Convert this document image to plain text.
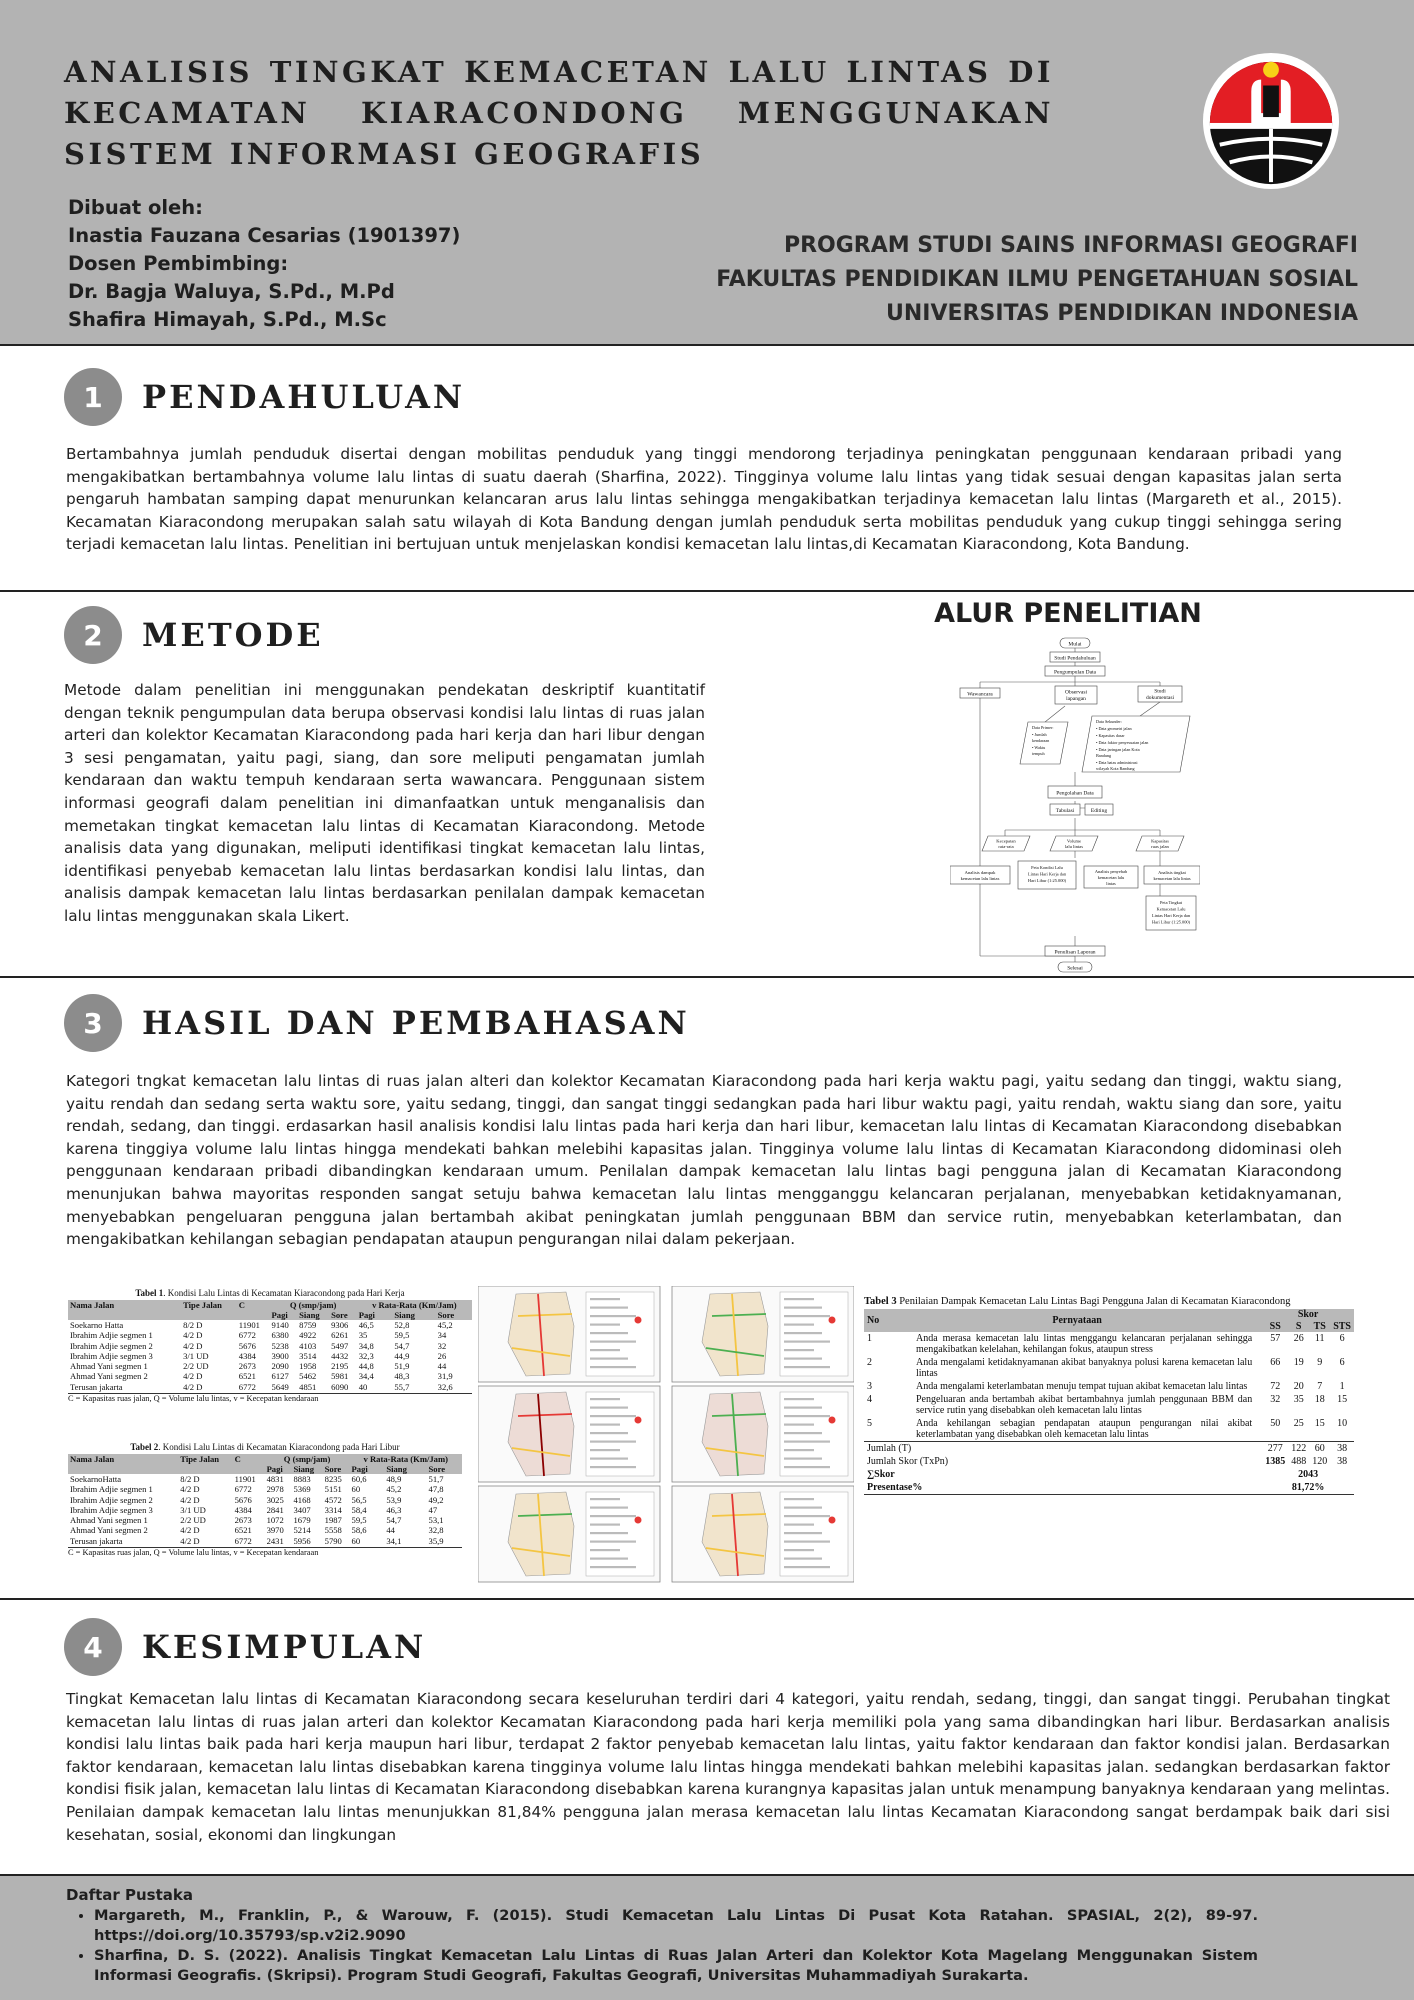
ANALISIS TINGKAT KEMACETAN LALU LINTAS DI KECAMATAN KIARACONDONG MENGGUNAKAN SISTEM INFORMASI GEOGRAFIS
Dibuat oleh:
Inastia Fauzana Cesarias (1901397)
Dosen Pembimbing:
Dr. Bagja Waluya, S.Pd., M.Pd
Shafira Himayah, S.Pd., M.Sc
PROGRAM STUDI SAINS INFORMASI GEOGRAFI
FAKULTAS PENDIDIKAN ILMU PENGETAHUAN SOSIAL
UNIVERSITAS PENDIDIKAN INDONESIA
1	PENDAHULUAN
Bertambahnya jumlah penduduk disertai dengan mobilitas penduduk yang tinggi mendorong terjadinya peningkatan penggunaan kendaraan pribadi yang mengakibatkan bertambahnya volume lalu lintas di suatu daerah (Sharfina, 2022). Tingginya volume lalu lintas yang tidak sesuai dengan kapasitas jalan serta pengaruh hambatan samping dapat menurunkan kelancaran arus lalu lintas sehingga mengakibatkan terjadinya kemacetan lalu lintas (Margareth et al., 2015). Kecamatan Kiaracondong merupakan salah satu wilayah di Kota Bandung dengan jumlah penduduk serta mobilitas penduduk yang cukup tinggi sehingga sering terjadi kemacetan lalu lintas. Penelitian ini bertujuan untuk menjelaskan kondisi kemacetan lalu lintas,di Kecamatan Kiaracondong, Kota Bandung.
2	METODE
Metode dalam penelitian ini menggunakan pendekatan deskriptif kuantitatif dengan teknik pengumpulan data berupa observasi kondisi lalu lintas di ruas jalan arteri dan kolektor Kecamatan Kiaracondong pada hari kerja dan hari libur dengan 3 sesi pengamatan, yaitu pagi, siang, dan sore meliputi pengamatan jumlah kendaraan dan waktu tempuh kendaraan serta wawancara. Penggunaan sistem informasi geografi dalam penelitian ini dimanfaatkan untuk menganalisis dan memetakan tingkat kemacetan lalu lintas di Kecamatan Kiaracondong. Metode analisis data yang digunakan, meliputi identifikasi tingkat kemacetan lalu lintas, identifikasi penyebab kemacetan lalu lintas berdasarkan kondisi lalu lintas, dan analisis dampak kemacetan lalu lintas berdasarkan penilalan dampak kemacetan lalu lintas menggunakan skala Likert.
ALUR PENELITIAN
Mulai
Studi Pendahuluan
Pengumpulan Data
Wawancara	Observasi
lapangan
Studi
dokumentasi
Pengolahan Data
Tabulasi	Editing
Kecepatan
rata-rata
Volume
lalu lintas
Kapasitas
ruas jalan
Analisis dampak
kemacetan lalu lintas
Peta Kondisi Lalu
Lintas Hari Kerja dan
Hari Libur (1:25.000)
Analisis penyebab
kemacetan lalu
lintas
Analisis tingkat
kemacetan lalu lintas
Peta Tingkat
Kemacetan Lalu
Lintas Hari Kerja dan
Hari Libur (1:25.000)
Penulisan Laporan
Selesai
Data Primer:
• Jumlah
kendaraan
• Waktu
tempuh
Data Sekunder:
• Data geometri jalan
• Kapasitas dasar
• Data faktor penyesuaian jalan
• Data jaringan jalan Kota
Bandung
• Data batas administrasi
wilayah Kota Bandung
3	HASIL DAN PEMBAHASAN
Kategori tngkat kemacetan lalu lintas di ruas jalan alteri dan kolektor Kecamatan Kiaracondong pada hari kerja waktu pagi, yaitu sedang dan tinggi, waktu siang, yaitu rendah dan sedang serta waktu sore, yaitu sedang, tinggi, dan sangat tinggi sedangkan pada hari libur waktu pagi, yaitu rendah, waktu siang dan sore, yaitu rendah, sedang, dan tinggi. erdasarkan hasil analisis kondisi lalu lintas pada hari kerja dan hari libur, kemacetan lalu lintas di Kecamatan Kiaracondong disebabkan karena tinggiya volume lalu lintas hingga mendekati bahkan melebihi kapasitas jalan. Tingginya volume lalu lintas di Kecamatan Kiaracondong didominasi oleh penggunaan kendaraan pribadi dibandingkan kendaraan umum. Penilalan dampak kemacetan lalu lintas bagi pengguna jalan di Kecamatan Kiaracondong menunjukan bahwa mayoritas responden sangat setuju bahwa kemacetan lalu lintas mengganggu kelancaran perjalanan, menyebabkan ketidaknyamanan, menyebabkan pengeluaran pengguna jalan bertambah akibat peningkatan jumlah penggunaan BBM dan service rutin, menyebabkan keterlambatan, dan mengakibatkan kehilangan sebagian pendapatan ataupun pengurangan nilai dalam pekerjaan.
Tabel 1. Kondisi Lalu Lintas di Kecamatan Kiaracondong pada Hari Kerja
Nama Jalan	Tipe Jalan	C	Q (smp/jam)			v Rata-Rata (Km/Jam)		
			Pagi	Siang	Sore	Pagi	Siang	Sore
Soekarno Hatta	8/2 D	11901	9140	8759	9306	46,5	52,8	45,2
Ibrahim Adjie segmen 1	4/2 D	6772	6380	4922	6261	35	59,5	34
Ibrahim Adjie segmen 2	4/2 D	5676	5238	4103	5497	34,8	54,7	32
Ibrahim Adjie segmen 3	3/1 UD	4384	3900	3514	4432	32,3	44,9	26
Ahmad Yani segmen 1	2/2 UD	2673	2090	1958	2195	44,8	51,9	44
Ahmad Yani segmen 2	4/2 D	6521	6127	5462	5981	34,4	48,3	31,9
Terusan jakarta	4/2 D	6772	5649	4851	6090	40	55,7	32,6
C = Kapasitas ruas jalan, Q = Volume lalu lintas, v = Kecepatan kendaraan
Tabel 2. Kondisi Lalu Lintas di Kecamatan Kiaracondong pada Hari Libur
Nama Jalan	Tipe Jalan	C	Q (smp/jam)			v Rata-Rata (Km/Jam)		
			Pagi	Siang	Sore	Pagi	Siang	Sore
SoekarnoHatta	8/2 D	11901	4831	8883	8235	60,6	48,9	51,7
Ibrahim Adjie segmen 1	4/2 D	6772	2978	5369	5151	60	45,2	47,8
Ibrahim Adjie segmen 2	4/2 D	5676	3025	4168	4572	56,5	53,9	49,2
Ibrahim Adjie segmen 3	3/1 UD	4384	2841	3407	3314	58,4	46,3	47
Ahmad Yani segmen 1	2/2 UD	2673	1072	1679	1987	59,5	54,7	53,1
Ahmad Yani segmen 2	4/2 D	6521	3970	5214	5558	58,6	44	32,8
Terusan jakarta	4/2 D	6772	2431	5956	5790	60	34,1	35,9
C = Kapasitas ruas jalan, Q = Volume lalu lintas, v = Kecepatan kendaraan
Tabel 3 Penilaian Dampak Kemacetan Lalu Lintas Bagi Pengguna Jalan di Kecamatan Kiaracondong
No	Pernyataan	Skor			
		SS	S	TS	STS
1	Anda merasa kemacetan lalu lintas menggangu kelancaran perjalanan sehingga mengakibatkan kelelahan, kehilangan fokus, ataupun stress	57	26	11	6
2	Anda mengalami ketidaknyamanan akibat banyaknya polusi karena kemacetan lalu lintas	66	19	9	6
3	Anda mengalami keterlambatan menuju tempat tujuan akibat kemacetan lalu lintas	72	20	7	1
4	Pengeluaran anda bertambah akibat bertambahnya jumlah penggunaan BBM dan service rutin yang disebabkan oleh kemacetan lalu lintas	32	35	18	15
5	Anda kehilangan sebagian pendapatan ataupun pengurangan nilai akibat keterlambatan yang disebabkan oleh kemacetan lalu lintas	50	25	15	10
Jumlah (T)		277	122	60	38
Jumlah Skor (TxPn)		1385	488	120	38
∑Skor		2043			
Presentase%		81,72%			
4	KESIMPULAN
Tingkat Kemacetan lalu lintas di Kecamatan Kiaracondong secara keseluruhan terdiri dari 4 kategori, yaitu rendah, sedang, tinggi, dan sangat tinggi. Perubahan tingkat kemacetan lalu lintas di ruas jalan arteri dan kolektor Kecamatan Kiaracondong pada hari kerja memiliki pola yang sama dibandingkan hari libur. Berdasarkan analisis kondisi lalu lintas baik pada hari kerja maupun hari libur, terdapat 2 faktor penyebab kemacetan lalu lintas, yaitu faktor kendaraan dan faktor kondisi jalan. Berdasarkan faktor kendaraan, kemacetan lalu lintas disebabkan karena tingginya volume lalu lintas hingga mendekati bahkan melebihi kapasitas jalan. sedangkan berdasarkan faktor kondisi fisik jalan, kemacetan lalu lintas di Kecamatan Kiaracondong disebabkan karena kurangnya kapasitas jalan untuk menampung banyaknya kendaraan yang melintas. Penilaian dampak kemacetan lalu lintas menunjukkan 81,84% pengguna jalan merasa kemacetan lalu lintas Kecamatan Kiaracondong sangat berdampak baik dari sisi kesehatan, sosial, ekonomi dan lingkungan
Daftar Pustaka
• Margareth, M., Franklin, P., & Warouw, F. (2015). Studi Kemacetan Lalu Lintas Di Pusat Kota Ratahan. SPASIAL, 2(2), 89-97. https://doi.org/10.35793/sp.v2i2.9090
• Sharfina, D. S. (2022). Analisis Tingkat Kemacetan Lalu Lintas di Ruas Jalan Arteri dan Kolektor Kota Magelang Menggunakan Sistem Informasi Geografis. (Skripsi). Program Studi Geografi, Fakultas Geografi, Universitas Muhammadiyah Surakarta.
